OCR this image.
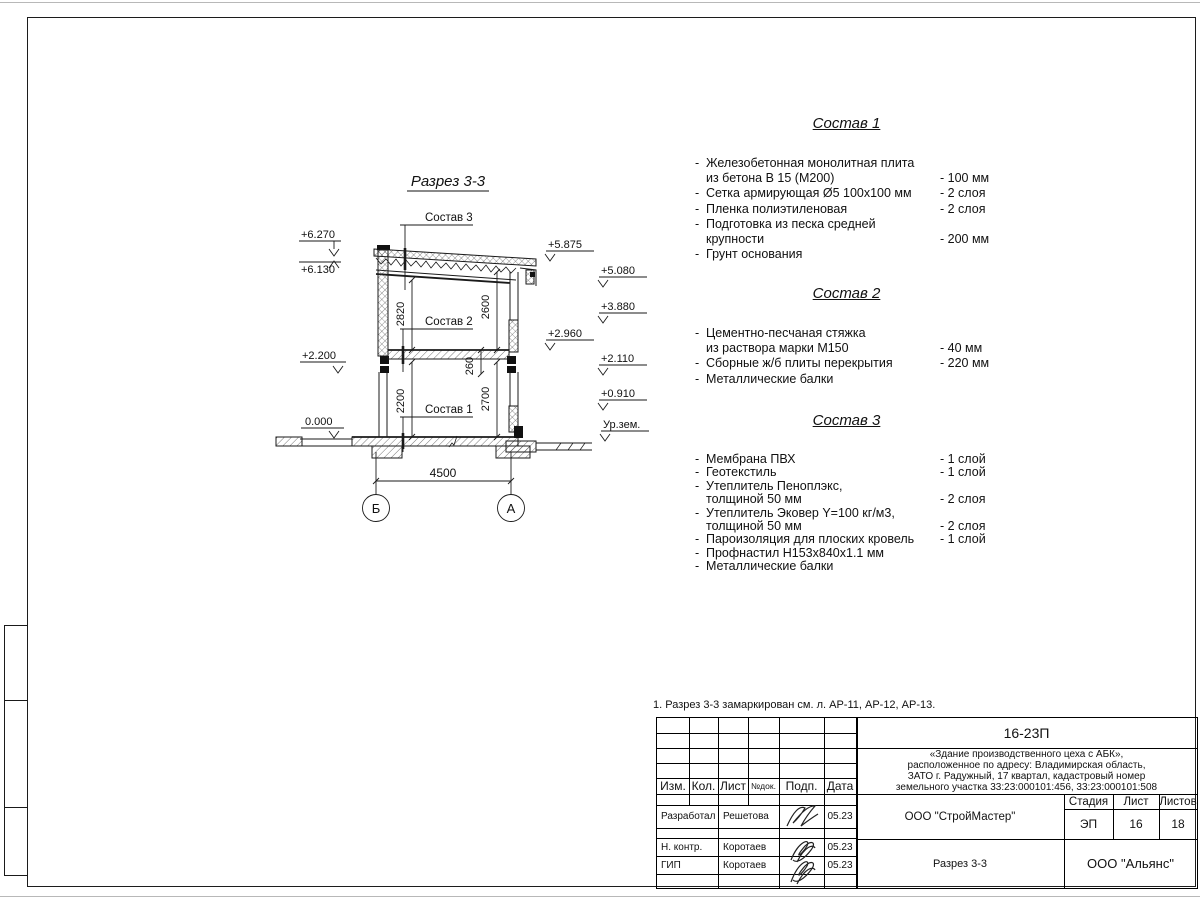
Разрез 3-3
2820
2200
2600
2700
260
Состав 3
Состав 2
Состав 1
+6.270
+6.130
+2.200
0.000
+5.875
+5.080
+3.880
+2.960
+2.110
+0.910
Ур.зем.
4500
Б	А
Состав 1
- Железобетонная монолитная плита
из бетона В 15 (М200)	- 100 мм
- Сетка армирующая Ø5 100х100 мм	- 2 слоя
- Пленка полиэтиленовая	- 2 слоя
- Подготовка из песка средней
крупности	- 200 мм
- Грунт основания
Состав 2
- Цементно-песчаная стяжка
из раствора марки М150	- 40 мм
- Сборные ж/б плиты перекрытия	- 220 мм
- Металлические балки
Состав 3
- Мембрана ПВХ	- 1 слой
- Геотекстиль	- 1 слой
- Утеплитель Пеноплэкс,
толщиной 50 мм	- 2 слоя
- Утеплитель Эковер Y=100 кг/м3,
толщиной 50 мм	- 2 слоя
- Пароизоляция для плоских кровель	- 1 слой
- Профнастил Н153х840х1.1 мм
- Металлические балки
1. Разрез 3-3 замаркирован см. л. АР-11, АР-12, АР-13.
Изм. Кол. Лист №док. Подп. Дата
Разработал Решетова	05.23
Н. контр.	Коротаев	05.23
ГИП	Коротаев	05.23
16-23П
«Здание производственного цеха с АБК»,
расположенное по адресу: Владимирская область,
ЗАТО г. Радужный, 17 квартал, кадастровый номер
земельного участка 33:23:000101:456, 33:23:000101:508
ООО "СтройМастер"
Стадия	Лист Листов
ЭП	16	18
Разрез 3-3	ООО "Альянс"
